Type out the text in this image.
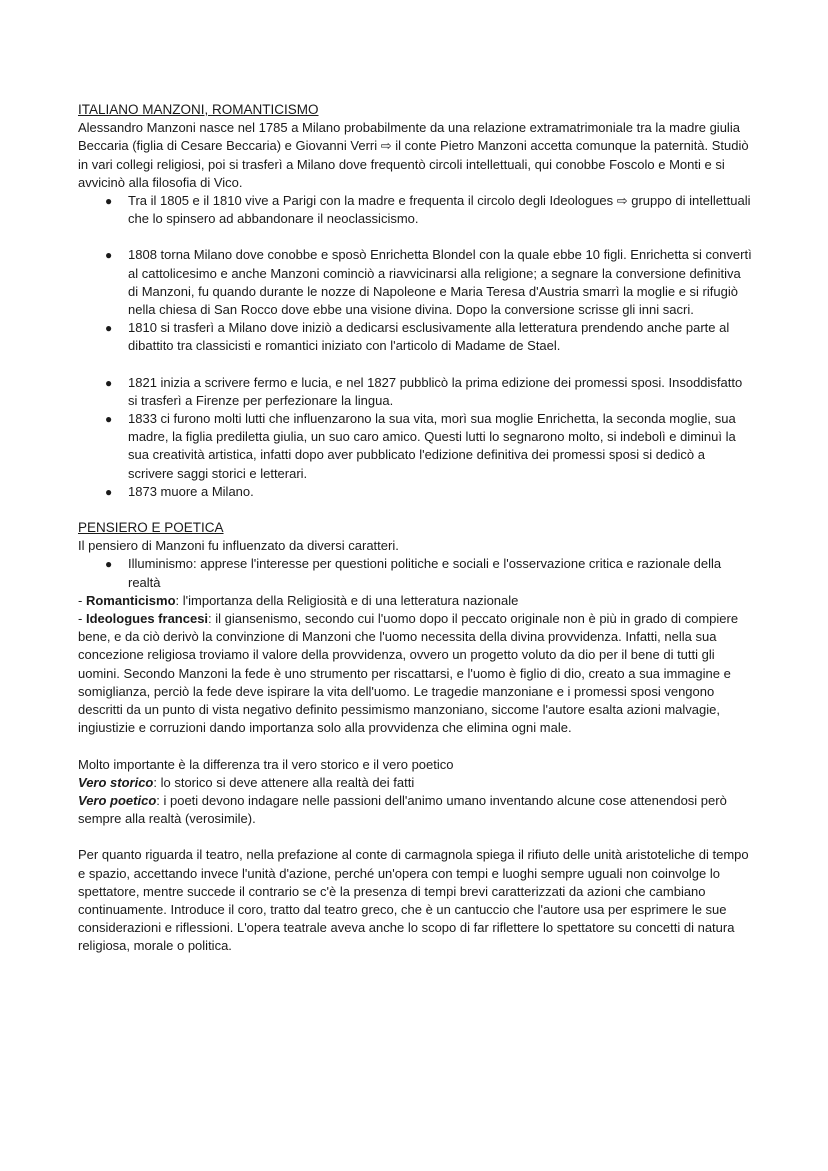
ITALIANO MANZONI, ROMANTICISMO

Alessandro Manzoni nasce nel 1785 a Milano probabilmente da una relazione extramatrimoniale tra la madre giulia Beccaria (figlia di Cesare Beccaria) e Giovanni Verri ⇨ il conte Pietro Manzoni accetta comunque la paternità. Studiò in vari collegi religiosi, poi si trasferì a Milano dove frequentò circoli intellettuali, qui conobbe Foscolo e Monti e si avvicinò alla filosofia di Vico.

● Tra il 1805 e il 1810 vive a Parigi con la madre e frequenta il circolo degli Ideologues ⇨ gruppo di intellettuali che lo spinsero ad abbandonare il neoclassicismo.
● 1808 torna Milano dove conobbe e sposò Enrichetta Blondel con la quale ebbe 10 figli. Enrichetta si convertì al cattolicesimo e anche Manzoni cominciò a riavvicinarsi alla religione; a segnare la conversione definitiva di Manzoni, fu quando durante le nozze di Napoleone e Maria Teresa d'Austria smarrì la moglie e si rifugiò nella chiesa di San Rocco dove ebbe una visione divina. Dopo la conversione scrisse gli inni sacri.
● 1810 si trasferì a Milano dove iniziò a dedicarsi esclusivamente alla letteratura prendendo anche parte al dibattito tra classicisti e romantici iniziato con l'articolo di Madame de Stael.
● 1821 inizia a scrivere fermo e lucia, e nel 1827 pubblicò la prima edizione dei promessi sposi. Insoddisfatto si trasferì a Firenze per perfezionare la lingua.
● 1833 ci furono molti lutti che influenzarono la sua vita, morì sua moglie Enrichetta, la seconda moglie, sua madre, la figlia prediletta giulia, un suo caro amico. Questi lutti lo segnarono molto, si indebolì e diminuì la sua creatività artistica, infatti dopo aver pubblicato l'edizione definitiva dei promessi sposi si dedicò a scrivere saggi storici e letterari.
● 1873 muore a Milano.

PENSIERO E POETICA

Il pensiero di Manzoni fu influenzato da diversi caratteri.

● Illuminismo: apprese l'interesse per questioni politiche e sociali e l'osservazione critica e razionale della realtà

- Romanticismo: l'importanza della Religiosità e di una letteratura nazionale

- Ideologues francesi: il giansenismo, secondo cui l'uomo dopo il peccato originale non è più in grado di compiere bene, e da ciò derivò la convinzione di Manzoni che l'uomo necessita della divina provvidenza. Infatti, nella sua concezione religiosa troviamo il valore della provvidenza, ovvero un progetto voluto da dio per il bene di tutti gli uomini. Secondo Manzoni la fede è uno strumento per riscattarsi, e l'uomo è figlio di dio, creato a sua immagine e somiglianza, perciò la fede deve ispirare la vita dell'uomo. Le tragedie manzoniane e i promessi sposi vengono descritti da un punto di vista negativo definito pessimismo manzoniano, siccome l'autore esalta azioni malvagie, ingiustizie e corruzioni dando importanza solo alla provvidenza che elimina ogni male.

Molto importante è la differenza tra il vero storico e il vero poetico

Vero storico: lo storico si deve attenere alla realtà dei fatti

Vero poetico: i poeti devono indagare nelle passioni dell'animo umano inventando alcune cose attenendosi però sempre alla realtà (verosimile).

Per quanto riguarda il teatro, nella prefazione al conte di carmagnola spiega il rifiuto delle unità aristoteliche di tempo e spazio, accettando invece l'unità d'azione, perché un'opera con tempi e luoghi sempre uguali non coinvolge lo spettatore, mentre succede il contrario se c'è la presenza di tempi brevi caratterizzati da azioni che cambiano continuamente. Introduce il coro, tratto dal teatro greco, che è un cantuccio che l'autore usa per esprimere le sue considerazioni e riflessioni. L'opera teatrale aveva anche lo scopo di far riflettere lo spettatore su concetti di natura religiosa, morale o politica.
